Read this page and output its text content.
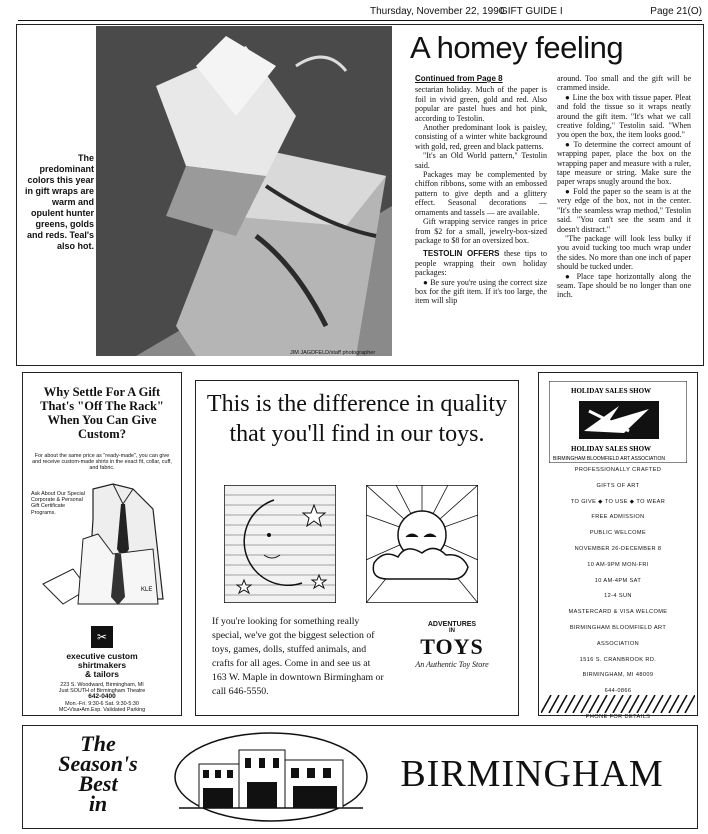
Thursday, November 22, 1990
GIFT GUIDE I	Page 21(O)
JIM JAGDFELD/staff photographer
The predominant colors this year in gift wraps are warm and opulent hunter greens, golds and reds. Teal's also hot.
A homey feeling

Continued from Page 8

sectarian holiday. Much of the paper is foil in vivid green, gold and red. Also popular are pastel hues and hot pink, according to Testolin.

Another predominant look is paisley, consisting of a winter white background with gold, red, green and black patterns.

"It's an Old World pattern," Testolin said.

Packages may be complemented by chiffon ribbons, some with an embossed pattern to give depth and a glittery effect. Seasonal decorations — ornaments and tassels — are available.

Gift wrapping service ranges in price from $2 for a small, jewelry-box-sized package to $8 for an oversized box.

TESTOLIN OFFERS these tips to people wrapping their own holiday packages:

● Be sure you're using the correct size box for the gift item. If it's too large, the item will slip

around. Too small and the gift will be crammed inside.

● Line the box with tissue paper. Pleat and fold the tissue so it wraps neatly around the gift item. "It's what we call creative folding," Testolin said. "When you open the box, the item looks good."

● To determine the correct amount of wrapping paper, place the box on the wrapping paper and measure with a ruler, tape measure or string. Make sure the paper wraps snugly around the box.

● Fold the paper so the seam is at the very edge of the box, not in the center. "It's the seamless wrap method," Testolin said. "You can't see the seam and it doesn't distract."

"The package will look less bulky if you avoid tucking too much wrap under the sides. No more than one inch of paper should be tucked under.

● Place tape horizontally along the seam. Tape should be no longer than one inch.

Why Settle For A Gift That's "Off The Rack" When You Can Give Custom?
For about the same price as "ready-made", you can give and receive custom-made shirts in the exact fit, collar, cuff, and fabric.
Ask About Our Special Corporate & Personal Gift Certificate Programs.
KLE
✂
executive custom
shirtmakers
& tailors
223 S. Woodward, Birmingham, MI
Just SOUTH of Birmingham Theatre
642-0400
Mon.-Fri. 9:30-6 Sat. 9:30-5:30
MC•Visa•Am.Exp. Validated Parking
This is the difference in quality that you'll find in our toys.
If you're looking for something really special, we've got the biggest selection of toys, games, dolls, stuffed animals, and crafts for all ages. Come in and see us at 163 W. Maple in downtown Birmingham or call 646-5550.
ADVENTURES
IN
TOYS
An Authentic Toy Store
HOLIDAY SALES SHOW
HOLIDAY SALES SHOW
BIRMINGHAM BLOOMFIELD ART ASSOCIATION
PROFESSIONALLY CRAFTED
GIFTS OF ART
TO GIVE ◆ TO USE ◆ TO WEAR
FREE ADMISSION
PUBLIC WELCOME
NOVEMBER 26-DECEMBER 8
10 AM-9PM MON-FRI
10 AM-4PM SAT
12-4 SUN
MASTERCARD & VISA WELCOME
BIRMINGHAM BLOOMFIELD ART
ASSOCIATION
1516 S. CRANBROOK RD.
BIRMINGHAM, MI 48009
644-0866

PHONE FOR DETAILS
The
Season's
Best
in
BIRMINGHAM
